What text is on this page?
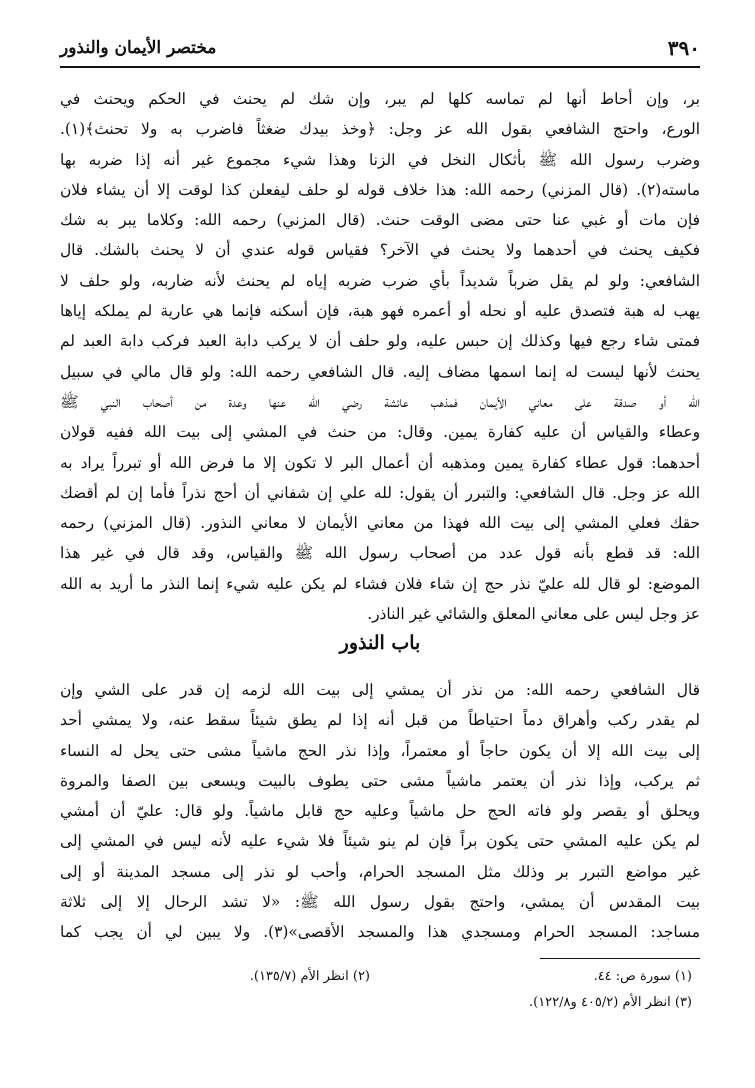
٣٩٠
مختصر الأيمان والنذور
بر، وإن أحاط أنها لم تماسه كلها لم يبر، وإن شك لم يحنث في الحكم ويحنث في
الورع، واحتج الشافعي بقول الله عز وجل: ﴿وخذ بيدك ضغثاً فاضرب به ولا تحنث﴾(١).
وضرب رسول الله ﷺ بأثكال النخل في الزنا وهذا شيء مجموع غير أنه إذا ضربه بها
ماسته(٢). (قال المزني) رحمه الله: هذا خلاف قوله لو حلف ليفعلن كذا لوقت إلا أن يشاء فلان
فإن مات أو غبي عنا حتى مضى الوقت حنث. (قال المزني) رحمه الله: وكلاما يبر به شك
فكيف يحنث في أحدهما ولا يحنث في الآخر؟ فقياس قوله عندي أن لا يحنث بالشك. قال
الشافعي: ولو لم يقل ضرباً شديداً بأي ضرب ضربه إياه لم يحنث لأنه ضاربه، ولو حلف لا
يهب له هبة فتصدق عليه أو نحله أو أعمره فهو هبة، فإن أسكنه فإنما هي عارية لم يملكه إياها
فمتى شاء رجع فيها وكذلك إن حبس عليه، ولو حلف أن لا يركب دابة العبد فركب دابة العبد لم
يحنث لأنها ليست له إنما اسمها مضاف إليه. قال الشافعي رحمه الله: ولو قال مالي في سبيل
الله أو صدقة على معاني الأيمان فمذهب عائشة رضي الله عنها وعدة من أصحاب النبي ﷺ
وعطاء والقياس أن عليه كفارة يمين. وقال: من حنث في المشي إلى بيت الله ففيه قولان
أحدهما: قول عطاء كفارة يمين ومذهبه أن أعمال البر لا تكون إلا ما فرض الله أو تبرراً يراد به
الله عز وجل. قال الشافعي: والتبرر أن يقول: لله علي إن شفاني أن أحج نذراً فأما إن لم أقضك
حقك فعلي المشي إلى بيت الله فهذا من معاني الأيمان لا معاني النذور. (قال المزني) رحمه
الله: قد قطع بأنه قول عدد من أصحاب رسول الله ﷺ والقياس، وقد قال في غير هذا
الموضع: لو قال لله عليّ نذر حج إن شاء فلان فشاء لم يكن عليه شيء إنما النذر ما أريد به الله
عز وجل ليس على معاني المعلق والشائي غير الناذر.
باب النذور
قال الشافعي رحمه الله: من نذر أن يمشي إلى بيت الله لزمه إن قدر على الشي وإن
لم يقدر ركب وأهراق دماً احتياطاً من قبل أنه إذا لم يطق شيئاً سقط عنه، ولا يمشي أحد
إلى بيت الله إلا أن يكون حاجاً أو معتمراً، وإذا نذر الحج ماشياً مشى حتى يحل له النساء
ثم يركب، وإذا نذر أن يعتمر ماشياً مشى حتى يطوف بالبيت ويسعى بين الصفا والمروة
ويحلق أو يقصر ولو فاته الحج حل ماشياً وعليه حج قابل ماشياً. ولو قال: عليّ أن أمشي
لم يكن عليه المشي حتى يكون براً فإن لم ينو شيئاً فلا شيء عليه لأنه ليس في المشي إلى
غير مواضع التبرر بر وذلك مثل المسجد الحرام، وأحب لو نذر إلى مسجد المدينة أو إلى
بيت المقدس أن يمشي، واحتج بقول رسول الله ﷺ: «لا تشد الرحال إلا إلى ثلاثة
مساجد: المسجد الحرام ومسجدي هذا والمسجد الأقصى»(٣). ولا يبين لي أن يجب كما
(١) سورة ص: ٤٤.
(٢) انظر الأم (١٣٥/٧).
(٣) انظر الأم (٤٠٥/٢ و١٢٢/٨).
